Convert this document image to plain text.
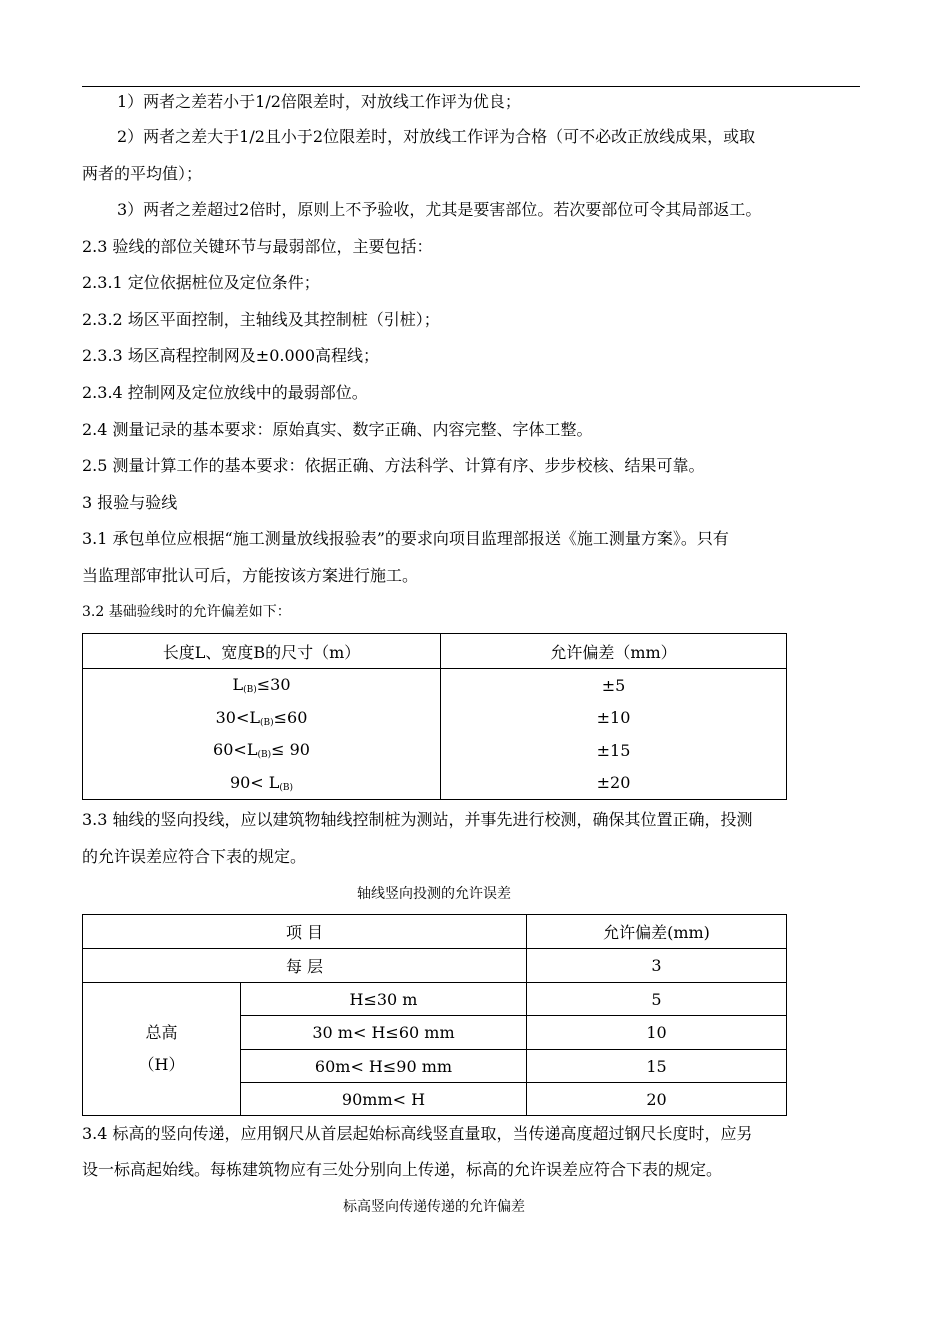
1）两者之差若小于1/2倍限差时，对放线工作评为优良；
2）两者之差大于1/2且小于2位限差时，对放线工作评为合格（可不必改正放线成果，或取
两者的平均值）；
3）两者之差超过2倍时，原则上不予验收，尤其是要害部位。若次要部位可令其局部返工。
2.3 验线的部位关键环节与最弱部位，主要包括：
2.3.1 定位依据桩位及定位条件；
2.3.2 场区平面控制，主轴线及其控制桩（引桩）；
2.3.3 场区高程控制网及±0.000高程线；
2.3.4 控制网及定位放线中的最弱部位。
2.4 测量记录的基本要求：原始真实、数字正确、内容完整、字体工整。
2.5 测量计算工作的基本要求：依据正确、方法科学、计算有序、步步校核、结果可靠。
3 报验与验线
3.1 承包单位应根据“施工测量放线报验表”的要求向项目监理部报送《施工测量方案》。只有
当监理部审批认可后，方能按该方案进行施工。
3.2 基础验线时的允许偏差如下：
长度L、宽度B的尺寸（m）	允许偏差（mm）
$L_{(B)}\le 30$	±5
$30<L_{(B)}\le 60$	±10
$60<L_{(B)}\le 90$	±15
$90< L_{(B)}$	±20
3.3 轴线的竖向投线，应以建筑物轴线控制桩为测站，并事先进行校测，确保其位置正确，投测
的允许误差应符合下表的规定。
轴线竖向投测的允许误差
项 目		允许偏差(mm)
每 层		3

总高
（H）	H≤30 m	5
	30 m< H≤60 mm	10
	60m< H≤90 mm	15
	90mm< H	20
3.4 标高的竖向传递，应用钢尺从首层起始标高线竖直量取，当传递高度超过钢尺长度时，应另
设一标高起始线。每栋建筑物应有三处分别向上传递，标高的允许误差应符合下表的规定。
标高竖向传递传递的允许偏差
